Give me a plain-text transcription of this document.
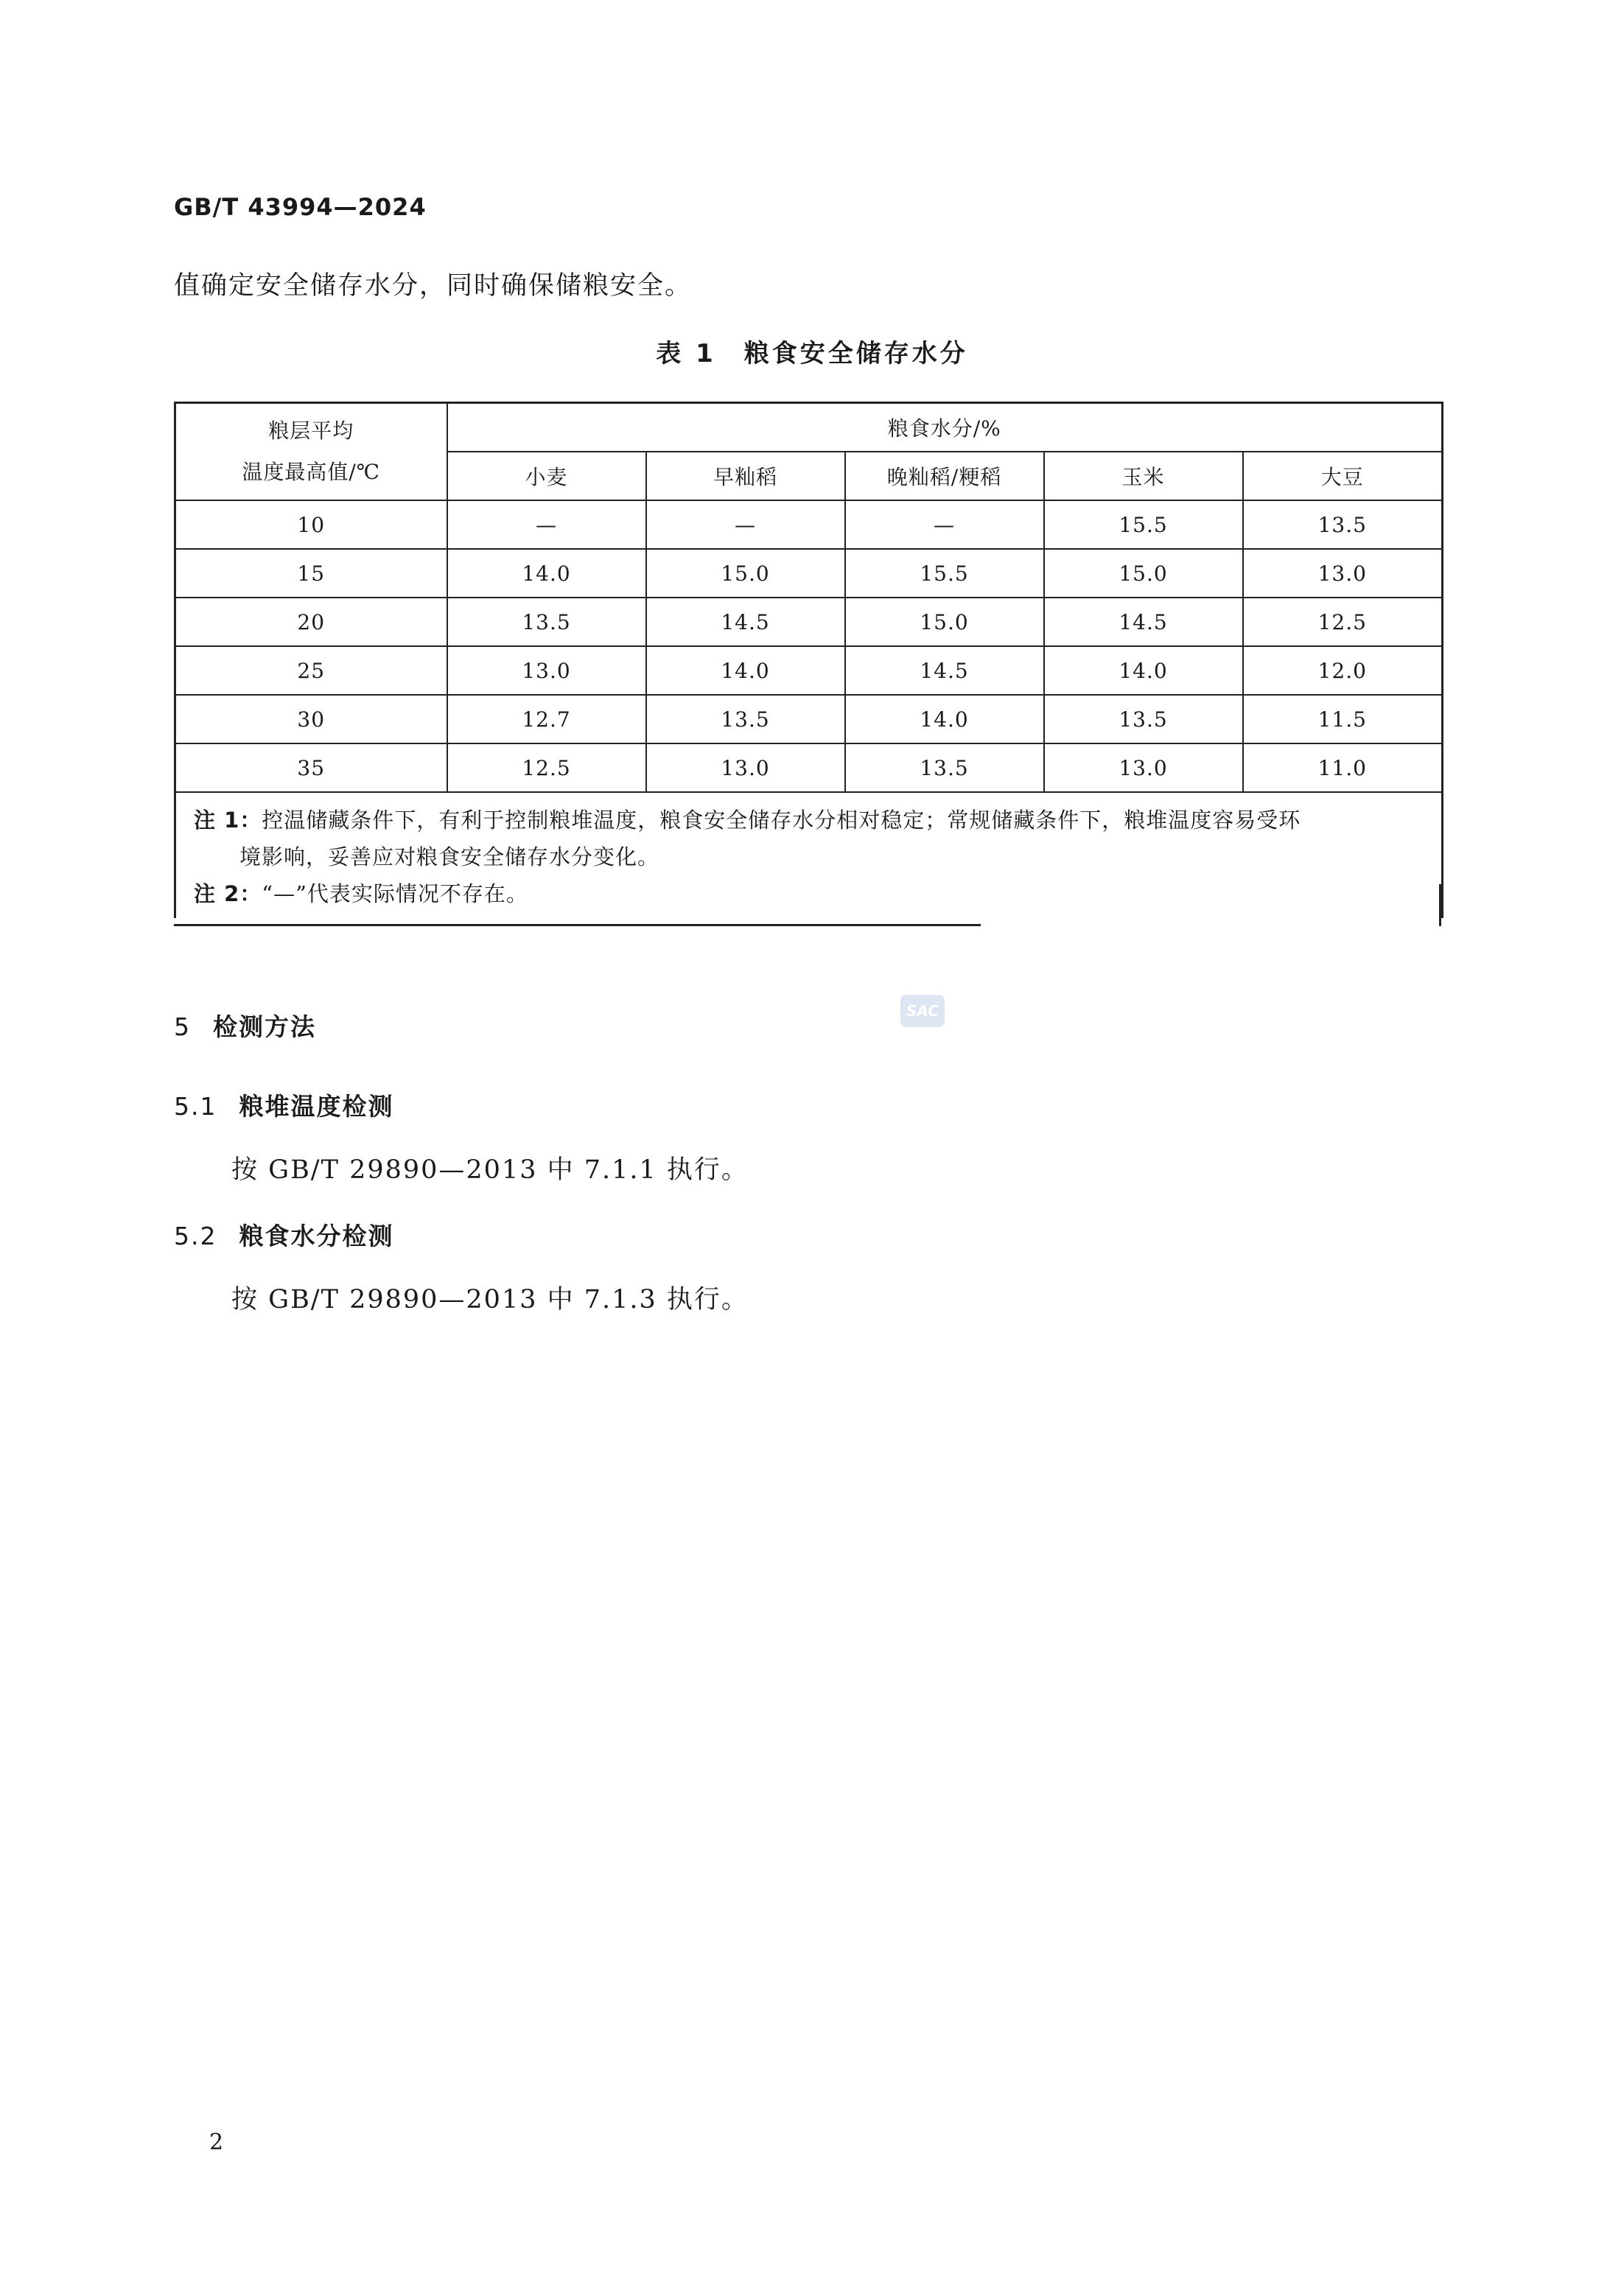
GB/T 43994—2024
值确定安全储存水分，同时确保储粮安全。
表 1　粮食安全储存水分
粮层平均
温度最高值/℃	粮食水分/%				
	小麦	早籼稻	晚籼稻/粳稻	玉米	大豆
10	—	—	—	15.5	13.5
15	14.0	15.0	15.5	15.0	13.0
20	13.5	14.5	15.0	14.5	12.5
25	13.0	14.0	14.5	14.0	12.0
30	12.7	13.5	14.0	13.5	11.5
35	12.5	13.0	13.5	13.0	11.0

注 1：控温储藏条件下，有利于控制粮堆温度，粮食安全储存水分相对稳定；常规储藏条件下，粮堆温度容易受环
境影响，妥善应对粮食安全储存水分变化。
注 2：“—”代表实际情况不存在。					
SAC
5 检测方法
5.1 粮堆温度检测
按 GB/T 29890—2013 中 7.1.1 执行。
5.2 粮食水分检测
按 GB/T 29890—2013 中 7.1.3 执行。
2
